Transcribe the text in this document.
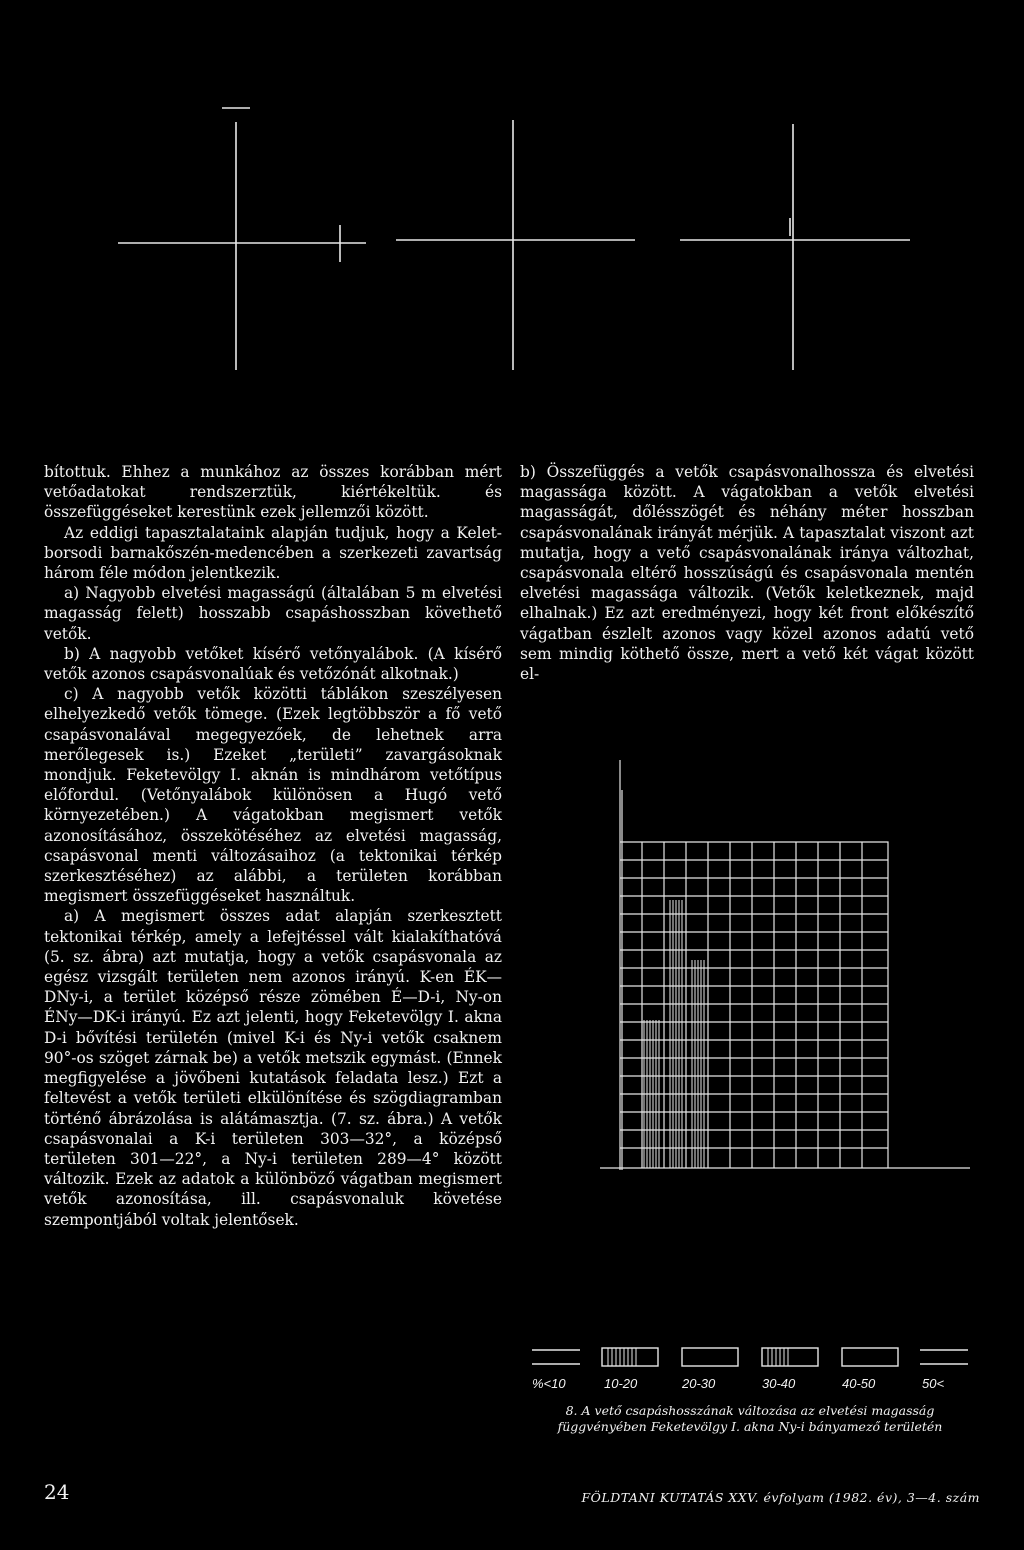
bítottuk. Ehhez a munkához az összes korábban mért vetőadatokat rendszerztük, kiértékeltük. és összefüggéseket kerestünk ezek jellemzői között.

Az eddigi tapasztalataink alapján tudjuk, hogy a Kelet-borsodi barnakőszén-medencében a szerkezeti zavartság három féle módon jelentkezik.

a) Nagyobb elvetési magasságú (általában 5 m elvetési magasság felett) hosszabb csapáshosszban követhető vetők.

b) A nagyobb vetőket kísérő vetőnyalábok. (A kísérő vetők azonos csapásvonalúak és vetőzónát alkotnak.)

c) A nagyobb vetők közötti táblákon szeszélyesen elhelyezkedő vetők tömege. (Ezek legtöbbször a fő vető csapásvonalával megegyezőek, de lehetnek arra merőlegesek is.) Ezeket „területi” zavargásoknak mondjuk. Feketevölgy I. aknán is mindhárom vetőtípus előfordul. (Vetőnyalábok különösen a Hugó vető környezetében.) A vágatokban megismert vetők azonosításához, összekötéséhez az elvetési magasság, csapásvonal menti változásaihoz (a tektonikai térkép szerkesztéséhez) az alábbi, a területen korábban megismert összefüggéseket használtuk.

a) A megismert összes adat alapján szerkesztett tektonikai térkép, amely a lefejtéssel vált kialakíthatóvá (5. sz. ábra) azt mutatja, hogy a vetők csapásvonala az egész vizsgált területen nem azonos irányú. K-en ÉK—DNy-i, a terület középső része zömében É—D-i, Ny-on ÉNy—DK-i irányú. Ez azt jelenti, hogy Feketevölgy I. akna D-i bővítési területén (mivel K-i és Ny-i vetők csaknem 90°-os szöget zárnak be) a vetők metszik egymást. (Ennek megfigyelése a jövőbeni kutatások feladata lesz.) Ezt a feltevést a vetők területi elkülönítése és szögdiagramban történő ábrázolása is alátámasztja. (7. sz. ábra.) A vetők csapásvonalai a K-i területen 303—32°, a középső területen 301—22°, a Ny-i területen 289—4° között változik. Ezek az adatok a különböző vágatban megismert vetők azonosítása, ill. csapásvonaluk követése szempontjából voltak jelentősek.

b) Összefüggés a vetők csapásvonalhossza és elvetési magassága között. A vágatokban a vetők elvetési magasságát, dőlésszögét és néhány méter hosszban csapásvonalának irányát mérjük. A tapasztalat viszont azt mutatja, hogy a vető csapásvonalának iránya változhat, csapásvonala eltérő hosszúságú és csapásvonala mentén elvetési magassága változik. (Vetők keletkeznek, majd elhalnak.) Ez azt eredményezi, hogy két front előkészítő vágatban észlelt azonos vagy közel azonos adatú vető sem mindig köthető össze, mert a vető két vágat között el-

%<10	10-20	20-30	30-40	40-50	50<
8. A vető csapáshosszának változása az elvetési magasság függvényében Feketevölgy I. akna Ny-i bányamező területén
24	FÖLDTANI KUTATÁS XXV. évfolyam (1982. év), 3—4. szám
